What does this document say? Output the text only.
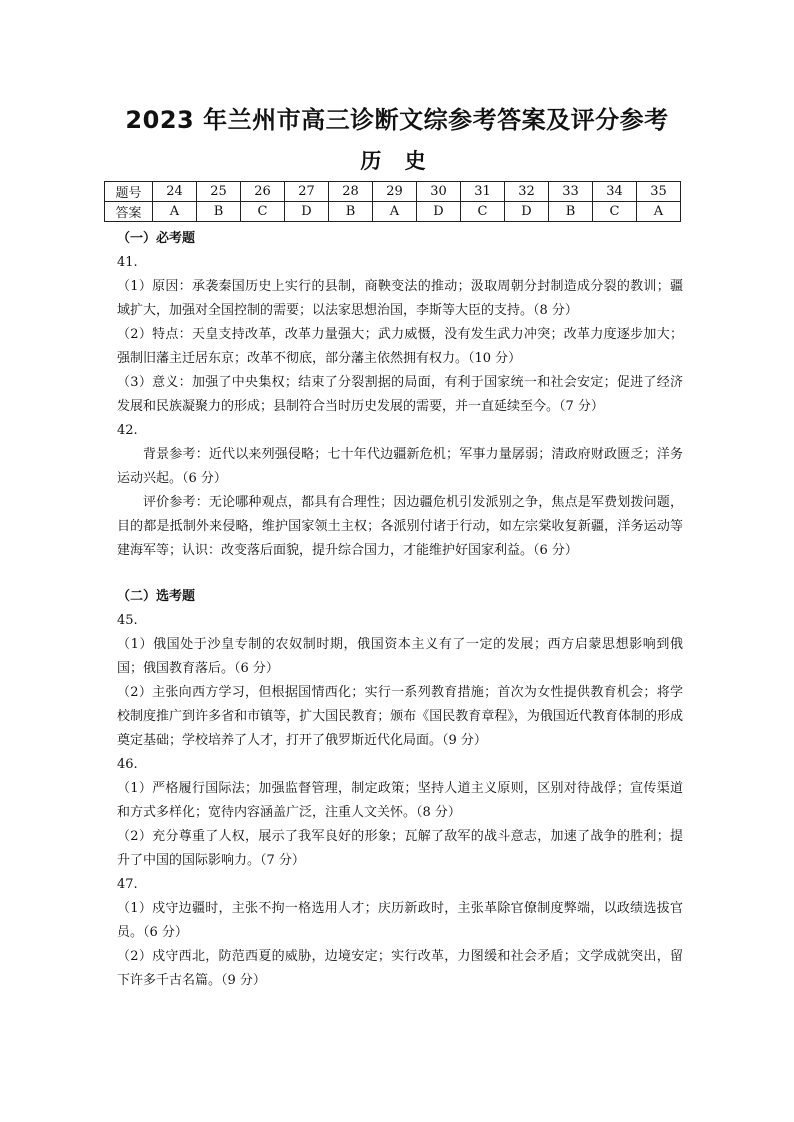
2023 年兰州市高三诊断文综参考答案及评分参考
历 史
题号	24	25	26	27	28	29	30	31	32	33	34	35
答案	A	B	C	D	B	A	D	C	D	B	C	A
（一）必考题
41.

（1）原因：承袭秦国历史上实行的县制，商鞅变法的推动；汲取周朝分封制造成分裂的教训；疆域扩大，加强对全国控制的需要；以法家思想治国，李斯等大臣的支持。（8 分）

（2）特点：天皇支持改革，改革力量强大；武力威慑，没有发生武力冲突；改革力度逐步加大；强制旧藩主迁居东京；改革不彻底，部分藩主依然拥有权力。（10 分）

（3）意义：加强了中央集权；结束了分裂割据的局面，有利于国家统一和社会安定；促进了经济发展和民族凝聚力的形成；县制符合当时历史发展的需要，并一直延续至今。（7 分）

42.

背景参考：近代以来列强侵略；七十年代边疆新危机；军事力量孱弱；清政府财政匮乏；洋务运动兴起。（6 分）

评价参考：无论哪种观点，都具有合理性；因边疆危机引发派别之争，焦点是军费划拨问题，目的都是抵制外来侵略，维护国家领土主权；各派别付诸于行动，如左宗棠收复新疆，洋务运动等建海军等；认识：改变落后面貌，提升综合国力，才能维护好国家利益。（6 分）

（二）选考题
45.

（1）俄国处于沙皇专制的农奴制时期，俄国资本主义有了一定的发展；西方启蒙思想影响到俄国；俄国教育落后。（6 分）

（2）主张向西方学习，但根据国情西化；实行一系列教育措施；首次为女性提供教育机会；将学校制度推广到许多省和市镇等，扩大国民教育；颁布《国民教育章程》，为俄国近代教育体制的形成奠定基础；学校培养了人才，打开了俄罗斯近代化局面。（9 分）

46.

（1）严格履行国际法；加强监督管理，制定政策；坚持人道主义原则，区别对待战俘；宣传渠道和方式多样化；宽待内容涵盖广泛，注重人文关怀。（8 分）

（2）充分尊重了人权，展示了我军良好的形象；瓦解了敌军的战斗意志，加速了战争的胜利；提升了中国的国际影响力。（7 分）

47.

（1）戍守边疆时，主张不拘一格选用人才；庆历新政时，主张革除官僚制度弊端，以政绩选拔官员。（6 分）

（2）戍守西北，防范西夏的威胁，边境安定；实行改革，力图缓和社会矛盾；文学成就突出，留下许多千古名篇。（9 分）
